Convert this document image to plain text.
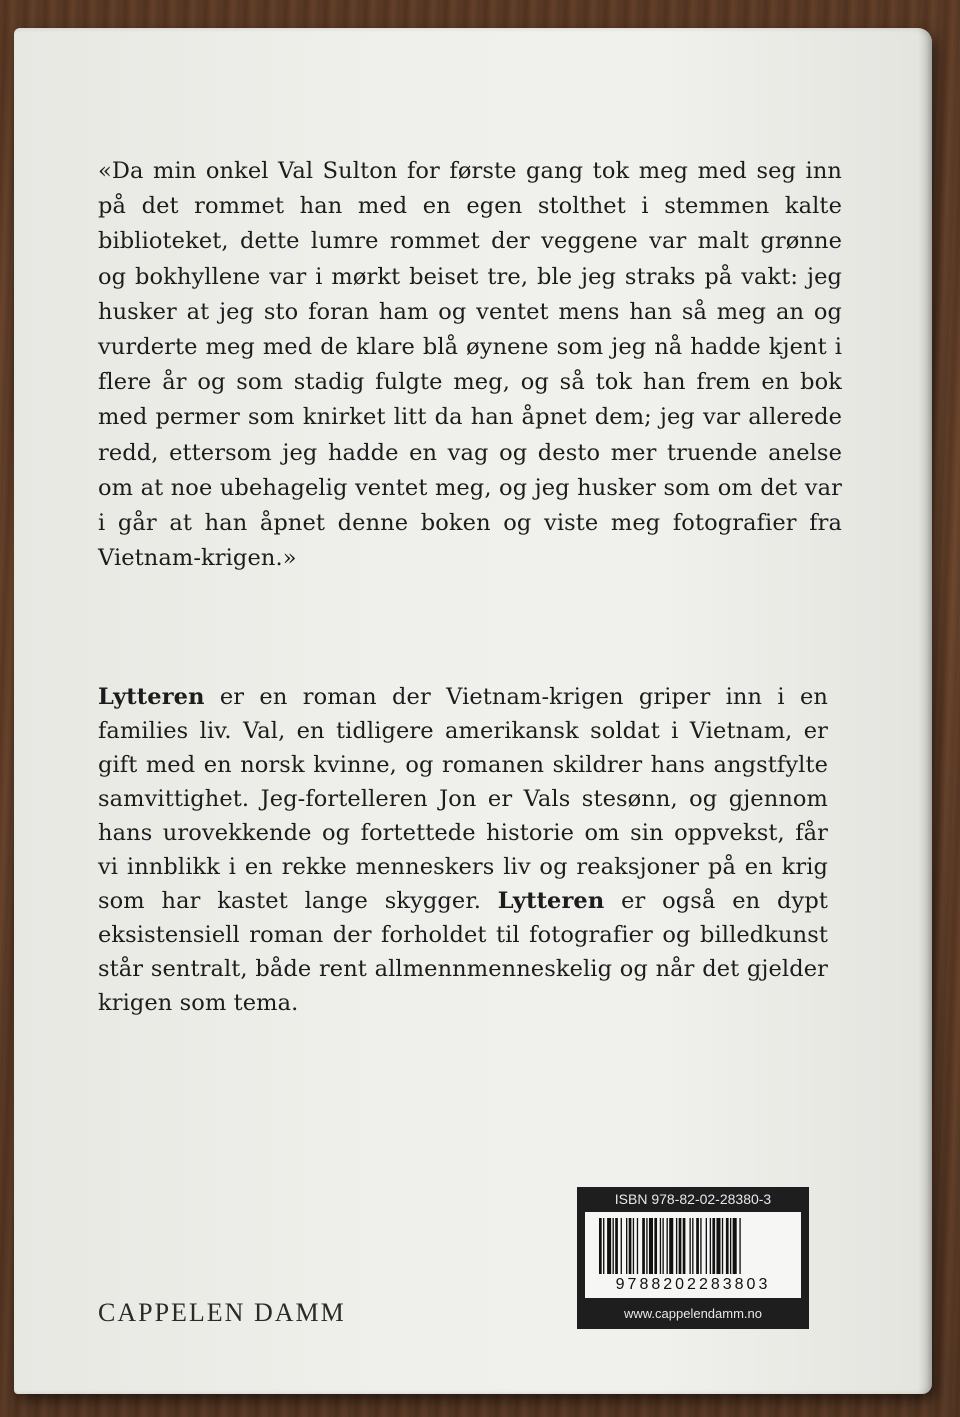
«Da min onkel Val Sulton for første gang tok meg med seg inn på det rommet han med en egen stolthet i stemmen kalte biblioteket, dette lumre rommet der veggene var malt grønne og bokhyllene var i mørkt beiset tre, ble jeg straks på vakt: jeg husker at jeg sto foran ham og ventet mens han så meg an og vurderte meg med de klare blå øynene som jeg nå hadde kjent i flere år og som stadig fulgte meg, og så tok han frem en bok med permer som knirket litt da han åpnet dem; jeg var allerede redd, ettersom jeg hadde en vag og desto mer truende anelse om at noe ubehagelig ventet meg, og jeg husker som om det var i går at han åpnet denne boken og viste meg fotografier fra Vietnam-krigen.»

Lytteren er en roman der Vietnam-krigen griper inn i en families liv. Val, en tidligere amerikansk soldat i Vietnam, er gift med en norsk kvinne, og romanen skildrer hans angstfylte samvittighet. Jeg-fortelleren Jon er Vals stesønn, og gjennom hans urovekkende og fortettede historie om sin oppvekst, får vi innblikk i en rekke menneskers liv og reaksjoner på en krig som har kastet lange skygger. Lytteren er også en dypt eksistensiell roman der forholdet til fotografier og billedkunst står sentralt, både rent allmennmenneskelig og når det gjelder krigen som tema.

CAPPELEN DAMM
ISBN 978-82-02-28380-3
9788202283803
www.cappelendamm.no
